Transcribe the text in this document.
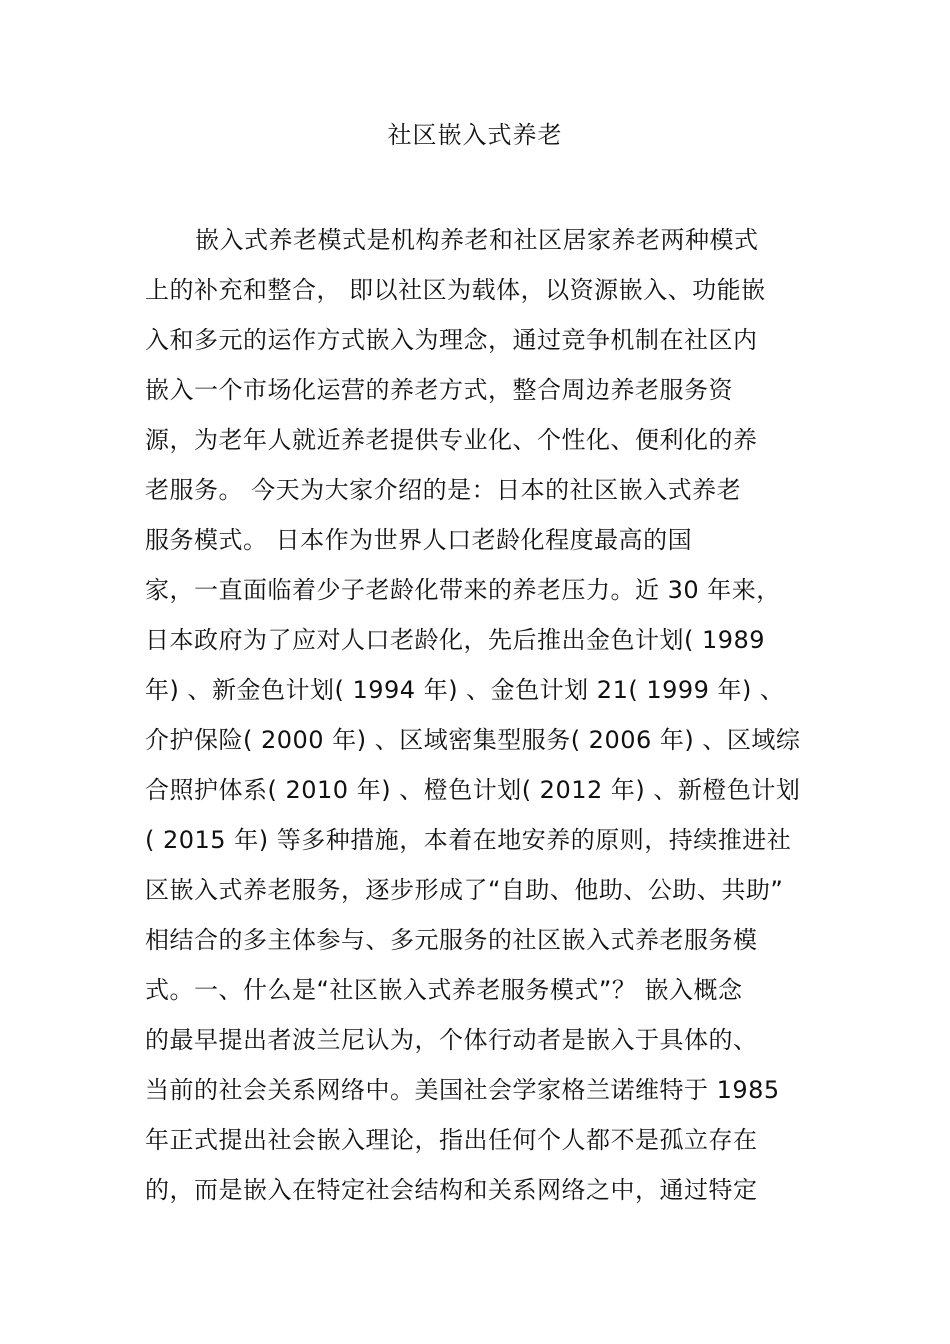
社区嵌入式养老
嵌入式养老模式是机构养老和社区居家养老两种模式
上的补充和整合， 即以社区为载体，以资源嵌入、功能嵌
入和多元的运作方式嵌入为理念，通过竞争机制在社区内
嵌入一个市场化运营的养老方式，整合周边养老服务资
源，为老年人就近养老提供专业化、个性化、便利化的养
老服务。 今天为大家介绍的是：日本的社区嵌入式养老
服务模式。 日本作为世界人口老龄化程度最高的国
家，一直面临着少子老龄化带来的养老压力。近 30 年来，
日本政府为了应对人口老龄化，先后推出金色计划( 1989
年) 、新金色计划( 1994 年) 、金色计划 21( 1999 年) 、
介护保险( 2000 年) 、区域密集型服务( 2006 年) 、区域综
合照护体系( 2010 年) 、橙色计划( 2012 年) 、新橙色计划
( 2015 年) 等多种措施，本着在地安养的原则，持续推进社
区嵌入式养老服务，逐步形成了“自助、他助、公助、共助”
相结合的多主体参与、多元服务的社区嵌入式养老服务模
式。一、什么是“社区嵌入式养老服务模式”？ 嵌入概念
的最早提出者波兰尼认为，个体行动者是嵌入于具体的、
当前的社会关系网络中。美国社会学家格兰诺维特于 1985
年正式提出社会嵌入理论，指出任何个人都不是孤立存在
的，而是嵌入在特定社会结构和关系网络之中，通过特定
